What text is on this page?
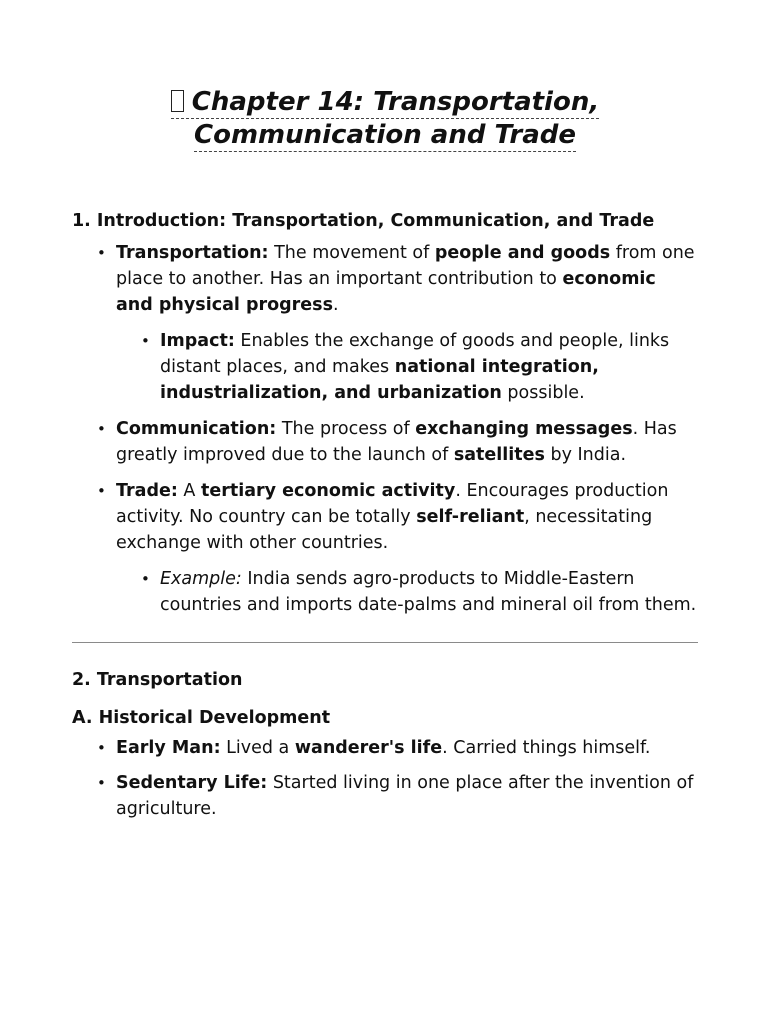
Chapter 14: Transportation,
Communication and Trade
1. Introduction: Transportation, Communication, and Trade
• Transportation: The movement of people and goods from one place to another. Has an important contribution to economic and physical progress.
• Impact: Enables the exchange of goods and people, links distant places, and makes national integration, industrialization, and urbanization possible.
• Communication: The process of exchanging messages. Has greatly improved due to the launch of satellites by India.
• Trade: A tertiary economic activity. Encourages production activity. No country can be totally self-reliant, necessitating exchange with other countries.
• Example: India sends agro-products to Middle-Eastern countries and imports date-palms and mineral oil from them.
2. Transportation
A. Historical Development
• Early Man: Lived a wanderer's life. Carried things himself.
• Sedentary Life: Started living in one place after the invention of agriculture.
